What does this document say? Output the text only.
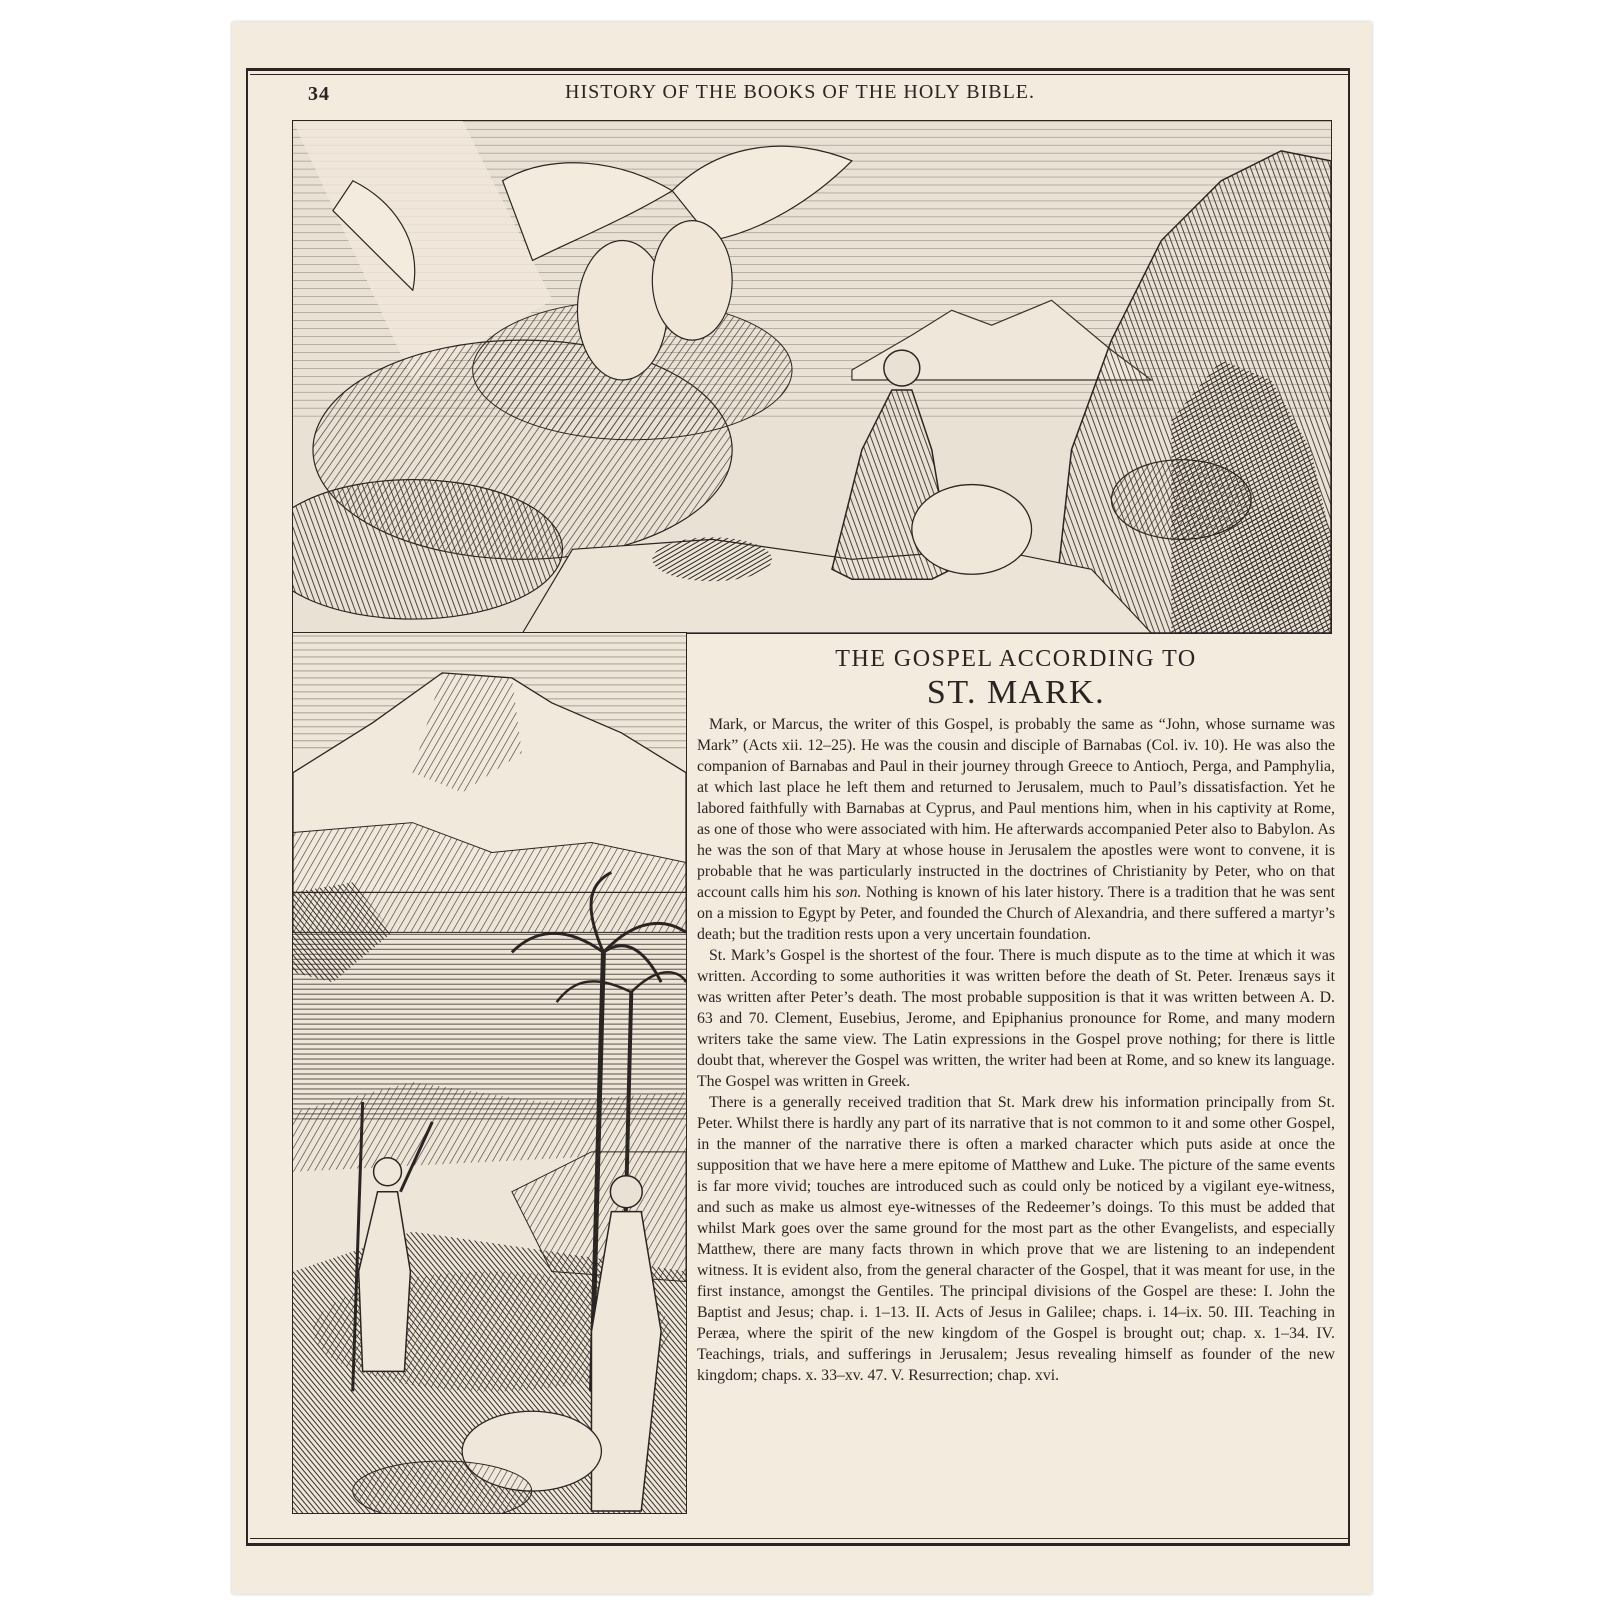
34	HISTORY OF THE BOOKS OF THE HOLY BIBLE.
THE GOSPEL ACCORDING TO
ST. MARK.

Mark, or Marcus, the writer of this Gospel, is probably the same as “John, whose surname was Mark” (Acts xii. 12–25). He was the cousin and disciple of Barnabas (Col. iv. 10). He was also the companion of Barnabas and Paul in their journey through Greece to Antioch, Perga, and Pamphylia, at which last place he left them and returned to Jerusalem, much to Paul’s dissatisfaction. Yet he labored faithfully with Barnabas at Cyprus, and Paul mentions him, when in his captivity at Rome, as one of those who were associated with him. He afterwards accompanied Peter also to Babylon. As he was the son of that Mary at whose house in Jerusalem the apostles were wont to convene, it is probable that he was particularly instructed in the doctrines of Christianity by Peter, who on that account calls him his son. Nothing is known of his later history. There is a tradition that he was sent on a mission to Egypt by Peter, and founded the Church of Alexandria, and there suffered a martyr’s death; but the tradition rests upon a very uncertain foundation.

St. Mark’s Gospel is the shortest of the four. There is much dispute as to the time at which it was written. According to some authorities it was written before the death of St. Peter. Irenæus says it was written after Peter’s death. The most probable supposition is that it was written between A. D. 63 and 70. Clement, Eusebius, Jerome, and Epiphanius pronounce for Rome, and many modern writers take the same view. The Latin expressions in the Gospel prove nothing; for there is little doubt that, wherever the Gospel was written, the writer had been at Rome, and so knew its language. The Gospel was written in Greek.

There is a generally received tradition that St. Mark drew his information principally from St. Peter. Whilst there is hardly any part of its narrative that is not common to it and some other Gospel, in the manner of the narrative there is often a marked character which puts aside at once the supposition that we have here a mere epitome of Matthew and Luke. The picture of the same events is far more vivid; touches are introduced such as could only be noticed by a vigilant eye-witness, and such as make us almost eye-witnesses of the Redeemer’s doings. To this must be added that whilst Mark goes over the same ground for the most part as the other Evangelists, and especially Matthew, there are many facts thrown in which prove that we are listening to an independent witness. It is evident also, from the general character of the Gospel, that it was meant for use, in the first instance, amongst the Gentiles. The principal divisions of the Gospel are these: I. John the Baptist and Jesus; chap. i. 1–13. II. Acts of Jesus in Galilee; chaps. i. 14–ix. 50. III. Teaching in Peræa, where the spirit of the new kingdom of the Gospel is brought out; chap. x. 1–34. IV. Teachings, trials, and sufferings in Jerusalem; Jesus revealing himself as founder of the new kingdom; chaps. x. 33–xv. 47. V. Resurrection; chap. xvi.
